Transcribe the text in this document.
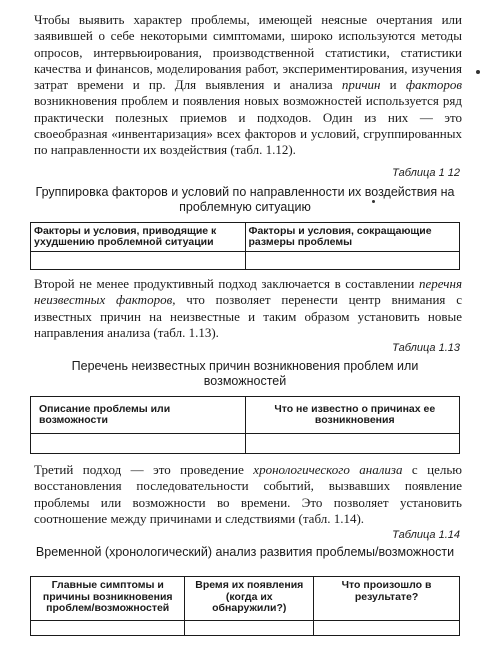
Чтобы выявить характер проблемы, имеющей неясные очертания или заявившей о себе некоторыми симптомами, широко используются методы опросов, интервьюирования, производственной статистики, статистики качества и финансов, моделирования работ, экспериментирования, изучения затрат времени и пр. Для выявления и анализа причин и факторов возникновения проблем и появления новых возможностей используется ряд практически полезных приемов и подходов. Один из них — это своеобразная «инвентаризация» всех факторов и условий, сгруппированных по направленности их воздействия (табл. 1.12).

Таблица 1 12

Группировка факторов и условий по направленности их воздействия на проблемную ситуацию

Факторы и условия, приводящие к ухудшению проблемной ситуации	Факторы и условия, сокращающие размеры проблемы

Второй не менее продуктивный подход заключается в составлении перечня неизвестных факторов, что позволяет перенести центр внимания с известных причин на неизвестные и таким образом установить новые направления анализа (табл. 1.13).

Таблица 1.13

Перечень неизвестных причин возникновения проблем или возможностей

Описание проблемы или возможности	Что не известно о причинах ее возникновения

Третий подход — это проведение хронологического анализа с целью восстановления последовательности событий, вызвавших появление проблемы или возможности во времени. Это позволяет установить соотношение между причинами и следствиями (табл. 1.14).

Таблица 1.14

Временной (хронологический) анализ развития проблемы/возможности

Главные симптомы и причины возникновения проблем/возможностей	Время их появления (когда их обнаружили?)	Что произошло в результате?
